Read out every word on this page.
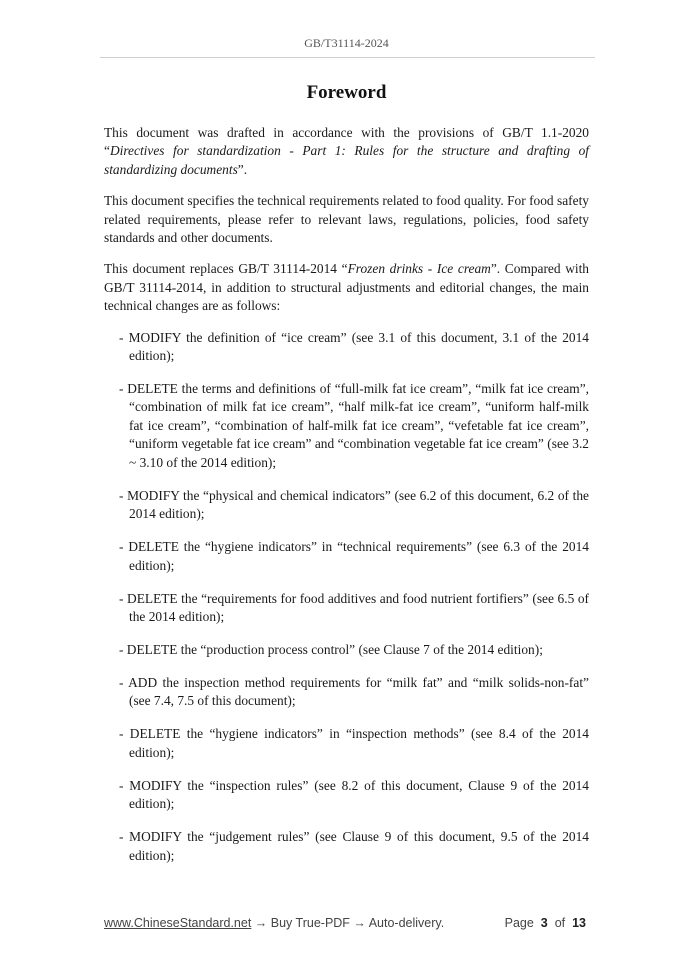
GB/T31114-2024
Foreword

This document was drafted in accordance with the provisions of GB/T 1.1-2020 “Directives for standardization - Part 1: Rules for the structure and drafting of standardizing documents”.

This document specifies the technical requirements related to food quality. For food safety related requirements, please refer to relevant laws, regulations, policies, food safety standards and other documents.

This document replaces GB/T 31114-2014 “Frozen drinks - Ice cream”. Compared with GB/T 31114-2014, in addition to structural adjustments and editorial changes, the main technical changes are as follows:

- MODIFY the definition of “ice cream” (see 3.1 of this document, 3.1 of the 2014 edition);
- DELETE the terms and definitions of “full-milk fat ice cream”, “milk fat ice cream”, “combination of milk fat ice cream”, “half milk-fat ice cream”, “uniform half-milk fat ice cream”, “combination of half-milk fat ice cream”, “vefetable fat ice cream”, “uniform vegetable fat ice cream” and “combination vegetable fat ice cream” (see 3.2 ~ 3.10 of the 2014 edition);
- MODIFY the “physical and chemical indicators” (see 6.2 of this document, 6.2 of the 2014 edition);
- DELETE the “hygiene indicators” in “technical requirements” (see 6.3 of the 2014 edition);
- DELETE the “requirements for food additives and food nutrient fortifiers” (see 6.5 of the 2014 edition);
- DELETE the “production process control” (see Clause 7 of the 2014 edition);
- ADD the inspection method requirements for “milk fat” and “milk solids-non-fat” (see 7.4, 7.5 of this document);
- DELETE the “hygiene indicators” in “inspection methods” (see 8.4 of the 2014 edition);
- MODIFY the “inspection rules” (see 8.2 of this document, Clause 9 of the 2014 edition);
- MODIFY the “judgement rules” (see Clause 9 of this document, 9.5 of the 2014 edition);
www.ChineseStandard.net → Buy True-PDF → Auto-delivery.	Page 3 of 13
